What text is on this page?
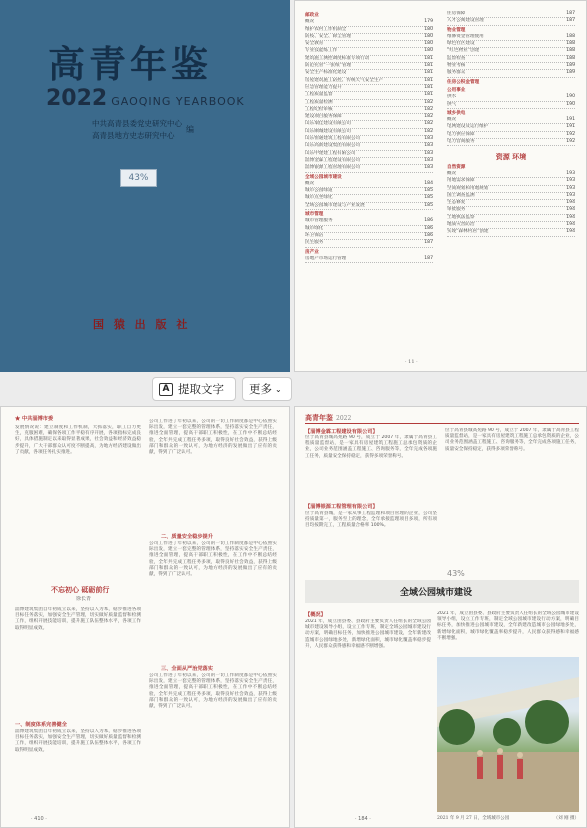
高青年鉴
2022 GAOQING YEARBOOK
中共高青县委党史研究中心
高青县地方史志研究中心
编
43%
国 猿 出 版 社
邮政业
概况	179
维护农村工作机制全	180
防疫、安全、除尘管理	180
安全教育	180
专业技能练工作	180
建筑施工测控调度标准专项行动	181
防范托管“一张纸”管理	181
安全生产标准化建设	181
房屋建筑施工防控、传统天气安全生产	181
应急管理能力提升	181
工程质量监督	181
工程质量检测	182
工程纪检审核	182
建设项目服务保障	182
山东瑞佳建设有限公司	182
山东顺城建设有限公司	182
山东恒通建筑工程有限公司	183
山东高新建设集团有限公司	183
山东中建建工程有限公司	183
淄博金霖工程建设有限公司	183
淄博银源工程管理有限公司	183
全域公园城市建设
概况	184
城市公园绿道	185
城市点坐绿化	185
全域公园城市建设与产业发展	185
城市管理
城市管理服务	186
城市绿化	186
环卫保洁	186
民生服务	187
房产业
房地产市场运行管理	187
住房保障	187
人才公寓建设管理	187
物业管理
维修资金管理使用	188
绿色社区建设	188
“红色物业”创建	188
监督检查	188
物业考核	189
服务群众	189
住房公积金管理
公用事业
供水	190
供气	190
城乡供电
概况	191
电网建设及运行维护	191
电力供应保障	192
电力营商服务	192
资源 环境
自然资源
概况	193
用地需求保障	193
空间规划和用地规划	193
国土调查监测	193
生态修复	194
审批服务	194
土地执法监察	194
地质灾害防治	194
实现“森林村居”创建	194
· 11 ·
A 提取文字 更多 ⌄
★ 中共淄博市委
发展情况说：建立制度和工作机制，大抓落实，职工自力更生，克服困难，确保各项工作平稳有序开展，各项指标完成良好，具体措施制定以来取得显著成果，社会效益和经济效益稳步提升，广大干部群众认可度不断提高，为地方经济建设做出了贡献，各项任务扎实推进。
不忘初心 砥砺前行
徐长青
淄博建筑集团自年初成立以来，坚持以人为本，稳步推进各项目标任务落实，加强安全生产管理，切实做好质量监督和检测工作，组织开展技能培训，提升施工队伍整体水平，各项工作取得明显成效。
一、制度体系完善健全
淄博建筑集团自年初成立以来，坚持以人为本，稳步推进各项目标任务落实，加强安全生产管理，切实做好质量监督和检测工作，组织开展技能培训，提升施工队伍整体水平，各项工作取得明显成效。
公司工作进了年初以来，公司的一切工作制度都是中心依照实际出发，建立一套完整的管理体系，坚持落实安全生产责任，推进全面管理，提高干部职工积极性，在工作中不断总结经验，全年共完成工程任务多项，取得良好社会效益，获得上级部门和群众的一致认可，为地方经济的发展做出了应有的贡献，得到了广泛认可。
二、质量安全稳步提升
公司工作进了年初以来，公司的一切工作制度都是中心依照实际出发，建立一套完整的管理体系，坚持落实安全生产责任，推进全面管理，提高干部职工积极性，在工作中不断总结经验，全年共完成工程任务多项，取得良好社会效益，获得上级部门和群众的一致认可，为地方经济的发展做出了应有的贡献，得到了广泛认可。
三、全面从严治党落实
公司工作进了年初以来，公司的一切工作制度都是中心依照实际出发，建立一套完整的管理体系，坚持落实安全生产责任，推进全面管理，提高干部职工积极性，在工作中不断总结经验，全年共完成工程任务多项，取得良好社会效益，获得上级部门和群众的一致认可，为地方经济的发展做出了应有的贡献，得到了广泛认可。
· 410 ·
高青年鉴 2022
【淄博金霖工程建设有限公司】
位于高青县城高苑路 90 号，成立于 2007 年，隶属于高青县工程质量监督站，是一家具有房屋建筑工程施工总承包资质的企业，公司业务范围涵盖工程施工、咨询服务等，全年完成各项施工任务，质量安全保持稳定，获得多项荣誉称号。
位于高青县城高苑路 90 号，成立于 2007 年，隶属于高青县工程质量监督站，是一家具有房屋建筑工程施工总承包资质的企业，公司业务范围涵盖工程施工、咨询服务等，全年完成各项施工任务，质量安全保持稳定，获得多项荣誉称号。
【淄博银源工程管理有限公司】
位于高青县城，是一家从事工程监理和项目管理的企业，公司坚持质量第一，服务至上的理念，全年承接监理项目多项，所有项目均按期完工，工程质量合格率 100%。
43%
全域公园城市建设
【概况】
2021 年，成立由县委、县政府主要负责人任组长的全域公园城市建设领导小组，设立工作专班，制定全域公园城市建设行动方案，明确目标任务，加快推进公园城市建设，全年新建改造城市公园绿地多处，新增绿化面积，城市绿化覆盖率稳步提升，人民群众获得感和幸福感不断增强。
2021 年，成立由县委、县政府主要负责人任组长的全域公园城市建设领导小组，设立工作专班，制定全域公园城市建设行动方案，明确目标任务，加快推进公园城市建设，全年新建改造城市公园绿地多处，新增绿化面积，城市绿化覆盖率稳步提升，人民群众获得感和幸福感不断增强。
2021 年 9 月 27 日，全域城市公园	（刘 刚 摄）
· 184 ·
